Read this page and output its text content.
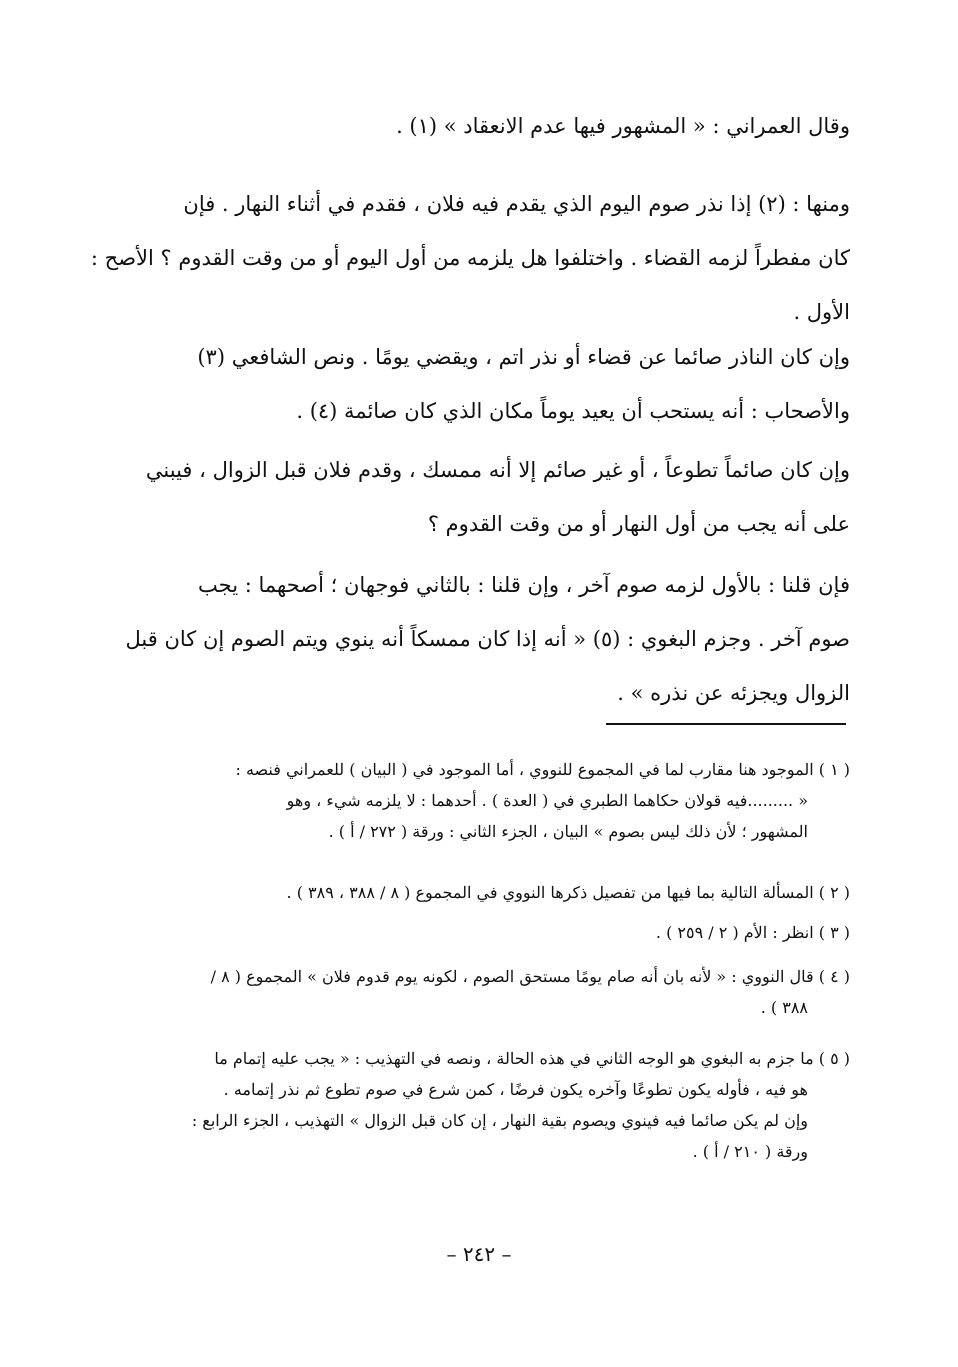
وقال العمراني : « المشهور فيها عدم الانعقاد » (١) .
ومنها : (٢) إذا نذر صوم اليوم الذي يقدم فيه فلان ، فقدم في أثناء النهار . فإن
كان مفطراً لزمه القضاء . واختلفوا هل يلزمه من أول اليوم أو من وقت القدوم ؟ الأصح :
الأول .
وإن كان الناذر صائما عن قضاء أو نذر اتم ، ويقضي يومًا . ونص الشافعي (٣)
والأصحاب : أنه يستحب أن يعيد يوماً مكان الذي كان صائمة (٤) .
وإن كان صائماً تطوعاً ، أو غير صائم إلا أنه ممسك ، وقدم فلان قبل الزوال ، فيبني
على أنه يجب من أول النهار أو من وقت القدوم ؟
فإن قلنا : بالأول لزمه صوم آخر ، وإن قلنا : بالثاني فوجهان ؛ أصحهما : يجب
صوم آخر . وجزم البغوي : (٥) « أنه إذا كان ممسكاً أنه ينوي ويتم الصوم إن كان قبل
الزوال ويجزئه عن نذره » .
( ١ ) الموجود هنا مقارب لما في المجموع للنووي ، أما الموجود في ( البيان ) للعمراني فنصه :
« .........فيه قولان حكاهما الطبري في ( العدة ) . أحدهما : لا يلزمه شيء ، وهو
المشهور ؛ لأن ذلك ليس بصوم » البيان ، الجزء الثاني : ورقة ( ٢٧٢ / أ ) .
( ٢ ) المسألة التالية بما فيها من تفصيل ذكرها النووي في المجموع ( ٨ / ٣٨٨ ، ٣٨٩ ) .
( ٣ ) انظر : الأم ( ٢ / ٢٥٩ ) .
( ٤ ) قال النووي : « لأنه بان أنه صام يومًا مستحق الصوم ، لكونه يوم قدوم فلان » المجموع ( ٨ /
٣٨٨ ) .
( ٥ ) ما جزم به البغوي هو الوجه الثاني في هذه الحالة ، ونصه في التهذيب : « يجب عليه إتمام ما
هو فيه ، فأوله يكون تطوعًا وآخره يكون فرضًا ، كمن شرع في صوم تطوع ثم نذر إتمامه .
وإن لم يكن صائما فيه فينوي ويصوم بقية النهار ، إن كان قبل الزوال » التهذيب ، الجزء الرابع :
ورقة ( ٢١٠ / أ ) .
– ٢٤٢ –
